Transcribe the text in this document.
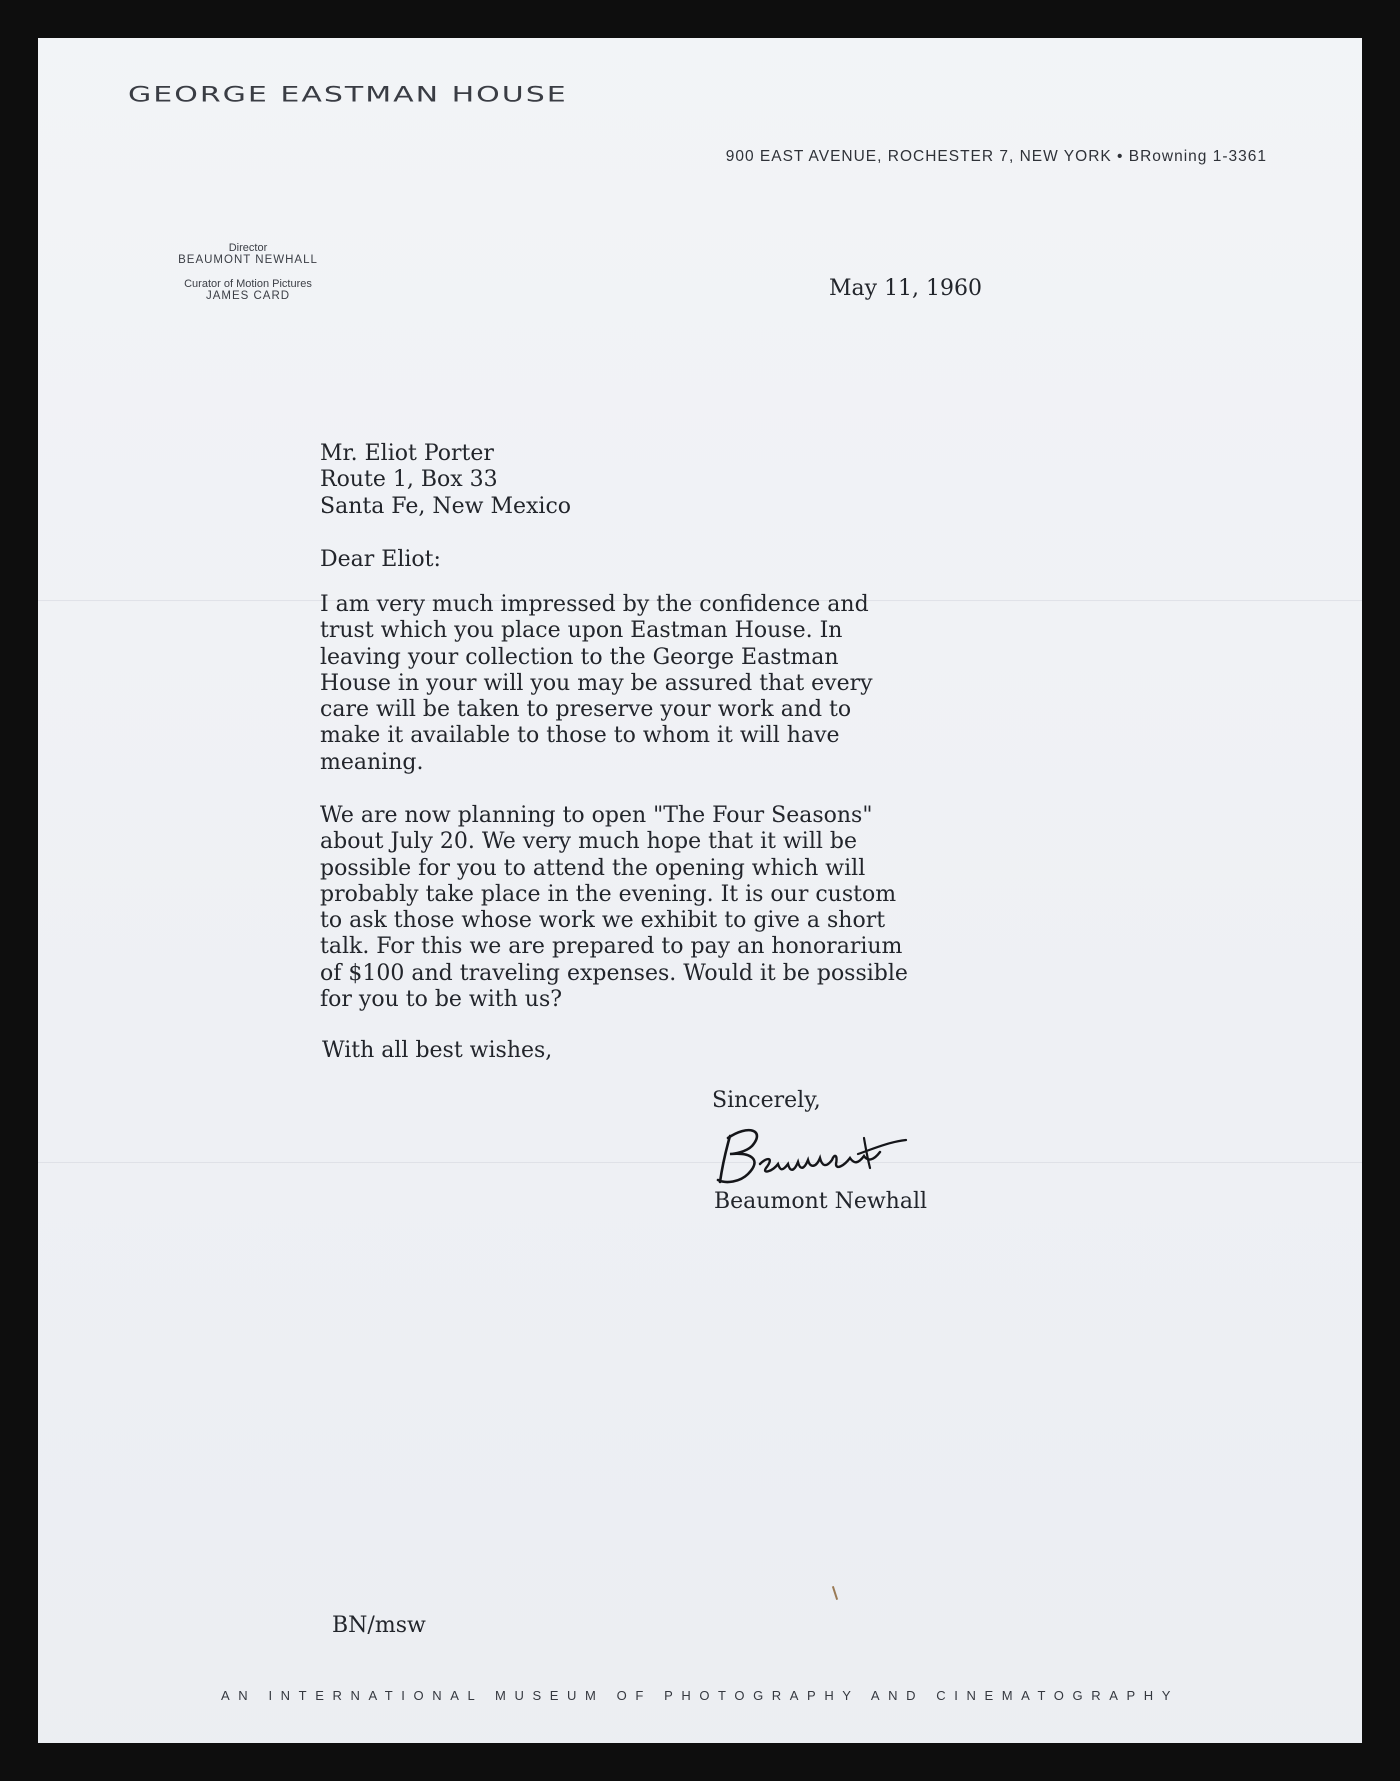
GEORGE EASTMAN HOUSE
900 EAST AVENUE, ROCHESTER 7, NEW YORK • BRowning 1-3361
Director
BEAUMONT NEWHALL
Curator of Motion Pictures
JAMES CARD	May 11, 1960
Mr. Eliot Porter
Route 1, Box 33
Santa Fe, New Mexico
Dear Eliot:
I am very much impressed by the confidence and
trust which you place upon Eastman House. In
leaving your collection to the George Eastman
House in your will you may be assured that every
care will be taken to preserve your work and to
make it available to those to whom it will have
meaning.
We are now planning to open "The Four Seasons"
about July 20. We very much hope that it will be
possible for you to attend the opening which will
probably take place in the evening. It is our custom
to ask those whose work we exhibit to give a short
talk. For this we are prepared to pay an honorarium
of $100 and traveling expenses. Would it be possible
for you to be with us?
With all best wishes,
Sincerely,
Beaumont Newhall
BN/msw
AN INTERNATIONAL MUSEUM OF PHOTOGRAPHY AND CINEMATOGRAPHY
